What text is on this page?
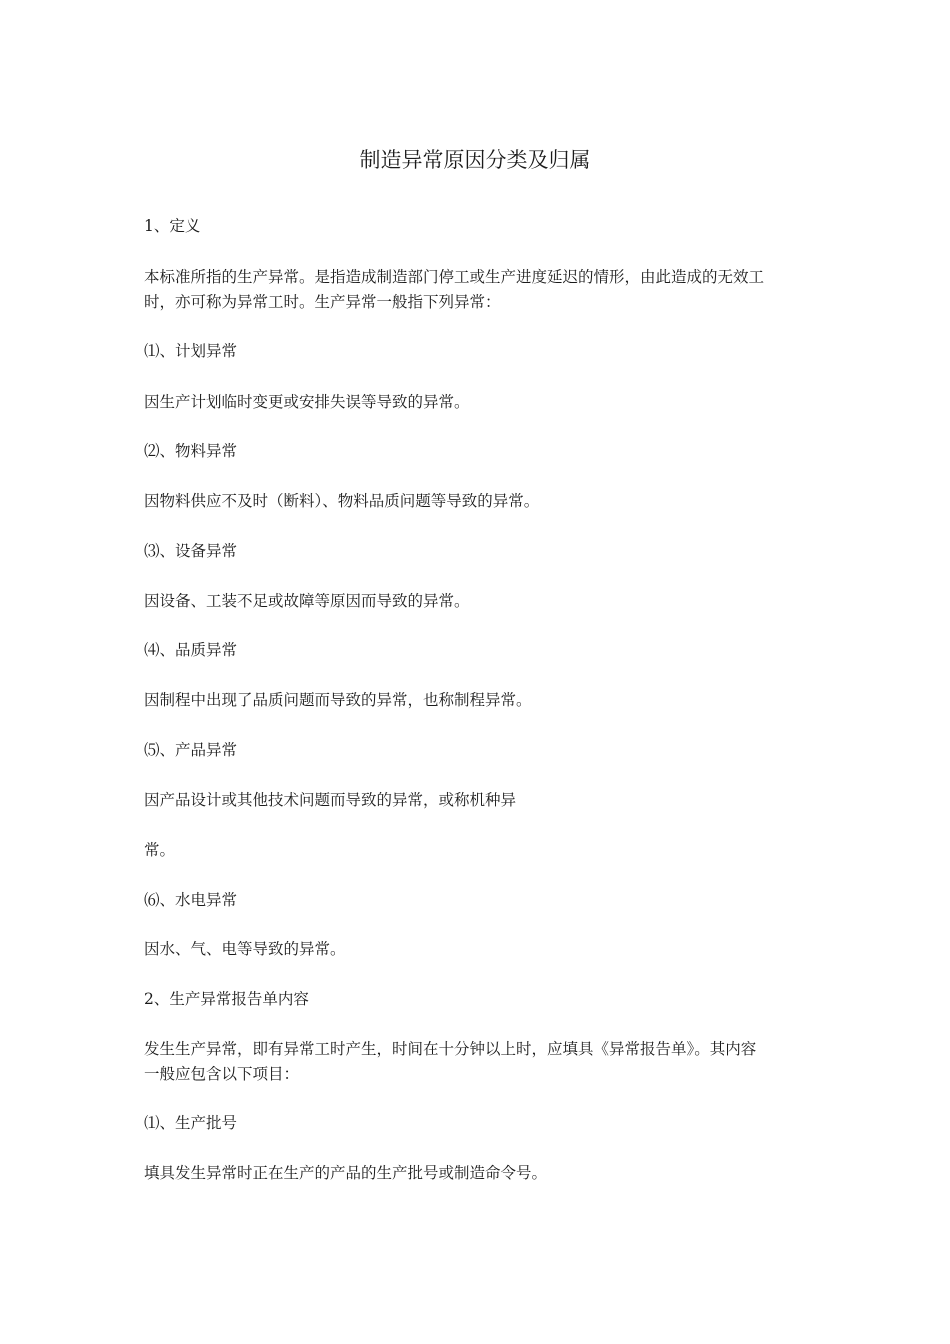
制造异常原因分类及归属
1、定义
本标准所指的生产异常。是指造成制造部门停工或生产进度延迟的情形，由此造成的无效工
时，亦可称为异常工时。生产异常一般指下列异常：
⑴、计划异常
因生产计划临时变更或安排失误等导致的异常。
⑵、物料异常
因物料供应不及时（断料）、物料品质问题等导致的异常。
⑶、设备异常
因设备、工装不足或故障等原因而导致的异常。
⑷、品质异常
因制程中出现了品质问题而导致的异常，也称制程异常。
⑸、产品异常
因产品设计或其他技术问题而导致的异常，或称机种异
常。
⑹、水电异常
因水、气、电等导致的异常。
2、生产异常报告单内容
发生生产异常，即有异常工时产生，时间在十分钟以上时，应填具《异常报告单》。其内容
一般应包含以下项目：
⑴、生产批号
填具发生异常时正在生产的产品的生产批号或制造命令号。
